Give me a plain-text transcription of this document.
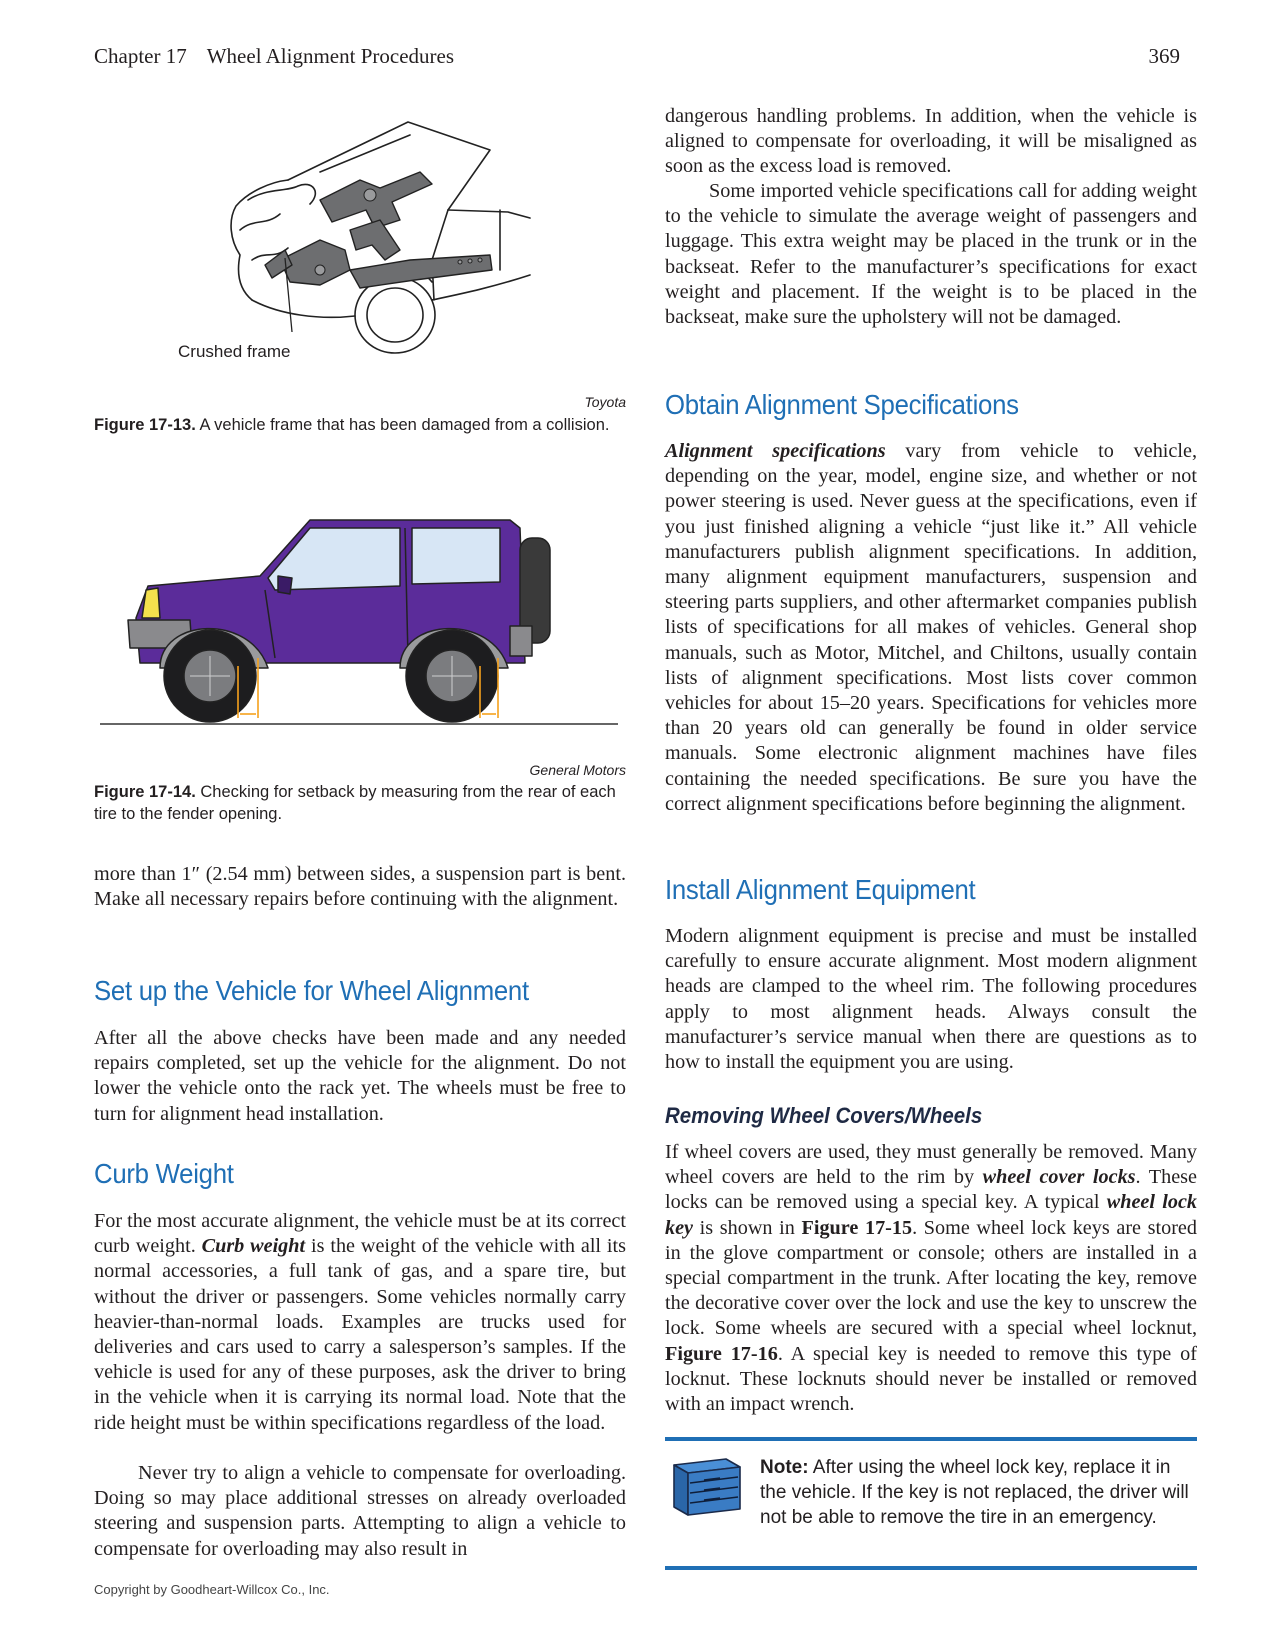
Chapter 17 Wheel Alignment Procedures	369
Crushed frame
Toyota
Figure 17-13. A vehicle frame that has been damaged from a collision.
General Motors
Figure 17-14. Checking for setback by measuring from the rear of each tire to the fender opening.

more than 1″ (2.54 mm) between sides, a suspension part is bent. Make all necessary repairs before continuing with the alignment.

Set up the Vehicle for Wheel Alignment

After all the above checks have been made and any needed repairs completed, set up the vehicle for the alignment. Do not lower the vehicle onto the rack yet. The wheels must be free to turn for alignment head installation.

Curb Weight

For the most accurate alignment, the vehicle must be at its correct curb weight. Curb weight is the weight of the vehicle with all its normal accessories, a full tank of gas, and a spare tire, but without the driver or passengers. Some vehicles normally carry heavier-than-normal loads. Examples are trucks used for deliveries and cars used to carry a salesperson’s samples. If the vehicle is used for any of these purposes, ask the driver to bring in the vehicle when it is carrying its normal load. Note that the ride height must be within specifications regardless of the load.

Never try to align a vehicle to compensate for overloading. Doing so may place additional stresses on already overloaded steering and suspension parts. Attempting to align a vehicle to compensate for overloading may also result in

dangerous handling problems. In addition, when the vehicle is aligned to compensate for overloading, it will be misaligned as soon as the excess load is removed.

Some imported vehicle specifications call for adding weight to the vehicle to simulate the average weight of passengers and luggage. This extra weight may be placed in the trunk or in the backseat. Refer to the manufacturer’s specifications for exact weight and placement. If the weight is to be placed in the backseat, make sure the upholstery will not be damaged.

Obtain Alignment Specifications

Alignment specifications vary from vehicle to vehicle, depending on the year, model, engine size, and whether or not power steering is used. Never guess at the specifications, even if you just finished aligning a vehicle “just like it.” All vehicle manufacturers publish alignment specifications. In addition, many alignment equipment manufacturers, suspension and steering parts suppliers, and other aftermarket companies publish lists of specifications for all makes of vehicles. General shop manuals, such as Motor, Mitchel, and Chiltons, usually contain lists of alignment specifications. Most lists cover common vehicles for about 15–20 years. Specifications for vehicles more than 20 years old can generally be found in older service manuals. Some electronic alignment machines have files containing the needed specifications. Be sure you have the correct alignment specifications before beginning the alignment.

Install Alignment Equipment

Modern alignment equipment is precise and must be installed carefully to ensure accurate alignment. Most modern alignment heads are clamped to the wheel rim. The following procedures apply to most alignment heads. Always consult the manufacturer’s service manual when there are questions as to how to install the equipment you are using.

Removing Wheel Covers/Wheels

If wheel covers are used, they must generally be removed. Many wheel covers are held to the rim by wheel cover locks. These locks can be removed using a special key. A typical wheel lock key is shown in Figure 17-15. Some wheel lock keys are stored in the glove compartment or console; others are installed in a special compartment in the trunk. After locating the key, remove the decorative cover over the lock and use the key to unscrew the lock. Some wheels are secured with a special wheel locknut, Figure 17-16. A special key is needed to remove this type of locknut. These locknuts should never be installed or removed with an impact wrench.

Note: After using the wheel lock key, replace it in the vehicle. If the key is not replaced, the driver will not be able to remove the tire in an emergency.
Copyright by Goodheart-Willcox Co., Inc.
